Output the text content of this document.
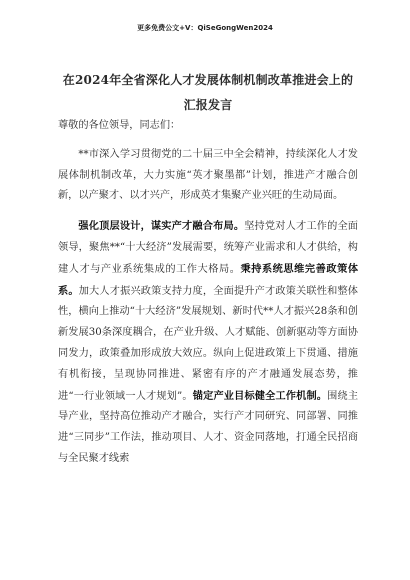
更多免费公文+V：QiSeGongWen2024
在2024年全省深化人才发展体制机制改革推进会上的汇报发言

尊敬的各位领导，同志们：

**市深入学习贯彻党的二十届三中全会精神，持续深化人才发展体制机制改革，大力实施“英才聚墨都”计划，推进产才融合创新，以产聚才、以才兴产，形成英才集聚产业兴旺的生动局面。

强化顶层设计，谋实产才融合布局。坚持党对人才工作的全面领导，聚焦**“十大经济”发展需要，统筹产业需求和人才供给，构建人才与产业系统集成的工作大格局。秉持系统思维完善政策体系。加大人才振兴政策支持力度，全面提升产才政策关联性和整体性，横向上推动“十大经济”发展规划、新时代**人才振兴28条和创新发展30条深度耦合，在产业升级、人才赋能、创新驱动等方面协同发力，政策叠加形成放大效应。纵向上促进政策上下贯通、措施有机衔接，呈现协同推进、紧密有序的产才融通发展态势，推进“一行业领域一人才规划”。锚定产业目标健全工作机制。围绕主导产业，坚持高位推动产才融合，实行产才同研究、同部署、同推进“三同步”工作法，推动项目、人才、资金同落地，打通全民招商与全民聚才线索
